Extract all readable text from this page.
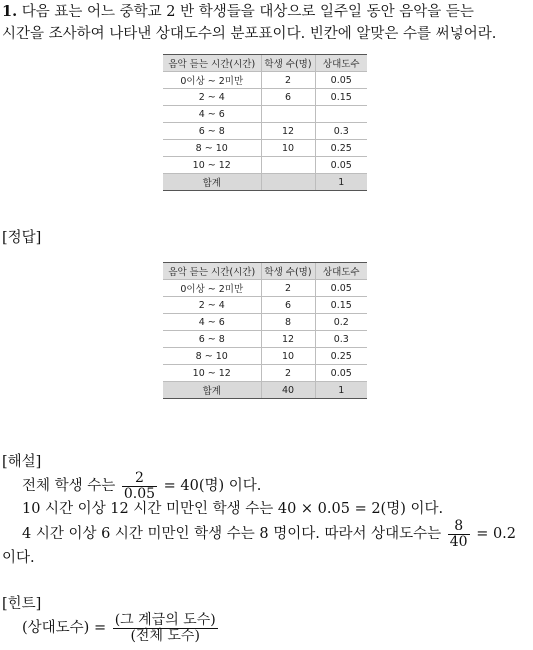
1. 다음 표는 어느 중학교 2 반 학생들을 대상으로 일주일 동안 음악을 듣는
시간을 조사하여 나타낸 상대도수의 분포표이다. 빈칸에 알맞은 수를 써넣어라.
음악 듣는 시간(시간)	학생 수(명)	상대도수
0이상 ~ 2미만	2	0.05
2 ~ 4	6	0.15
4 ~ 6		
6 ~ 8	12	0.3
8 ~ 10	10	0.25
10 ~ 12		0.05
합계		1
[정답]
음악 듣는 시간(시간)	학생 수(명)	상대도수
0이상 ~ 2미만	2	0.05
2 ~ 4	6	0.15
4 ~ 6	8	0.2
6 ~ 8	12	0.3
8 ~ 10	10	0.25
10 ~ 12	2	0.05
합계	40	1
[해설]
전체 학생 수는 $\frac{2}{0.05} = 40$(명) 이다.
10 시간 이상 12 시간 미만인 학생 수는 40 × 0.05 = 2(명) 이다.
4 시간 이상 6 시간 미만인 학생 수는 8 명이다. 따라서 상대도수는 $\frac{8}{40} = 0.2$
이다.
[힌트]
(상대도수) = $\frac{\text{(그 계급의 도수)}}{\text{(전체 도수)}}$
